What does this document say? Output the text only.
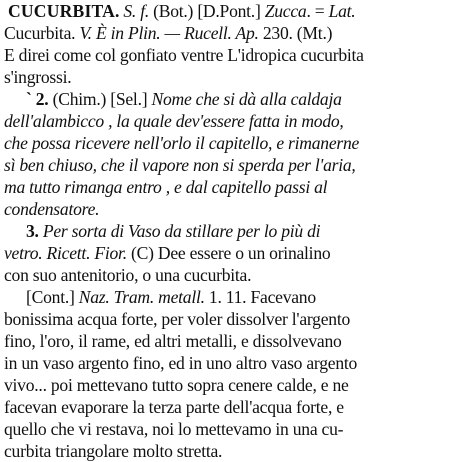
CUCURBITA. S. f. (Bot.) [D.Pont.] Zucca. = Lat.
Cucurbita. V. È in Plin. — Rucell. Ap. 230. (Mt.)
E direi come col gonfiato ventre L'idropica cucurbita
s'ingrossi.
` 2. (Chim.) [Sel.] Nome che si dà alla caldaja
dell'alambicco , la quale dev'essere fatta in modo,
che possa ricevere nell'orlo il capitello, e rimanerne
sì ben chiuso, che il vapore non si sperda per l'aria,
ma tutto rimanga entro , e dal capitello passi al
condensatore.
3. Per sorta di Vaso da stillare per lo più di
vetro. Ricett. Fior. (C) Dee essere o un orinalino
con suo antenitorio, o una cucurbita.
[Cont.] Naz. Tram. metall. 1. 11. Facevano
bonissima acqua forte, per voler dissolver l'argento
fino, l'oro, il rame, ed altri metalli, e dissolvevano
in un vaso argento fino, ed in uno altro vaso argento
vivo... poi mettevano tutto sopra cenere calde, e ne
facevan evaporare la terza parte dell'acqua forte, e
quello che vi restava, noi lo mettevamo in una cu-
curbita triangolare molto stretta.
